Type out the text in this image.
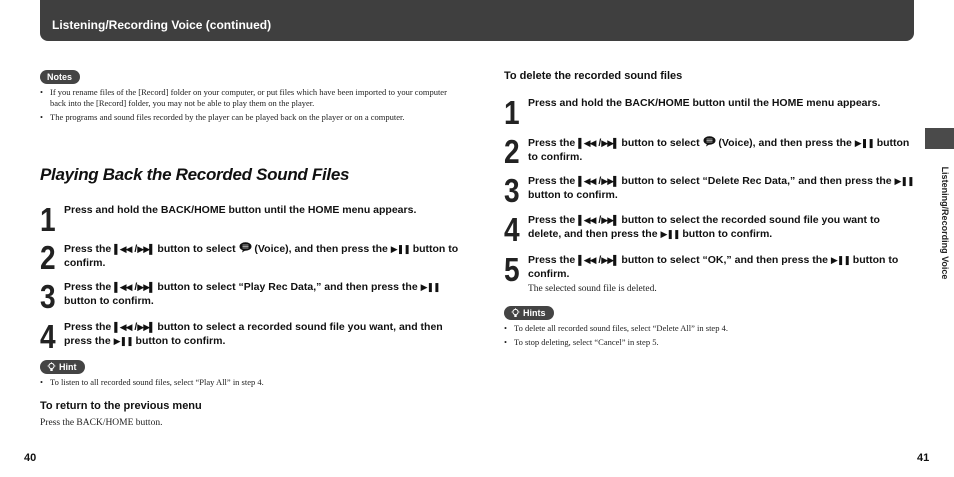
Listening/Recording Voice (continued)
Listening/Recording Voice
Notes
• If you rename files of the [Record] folder on your computer, or put files which have been imported to your computer back into the [Record] folder, you may not be able to play them on the player.
• The programs and sound files recorded by the player can be played back on the player or on a computer.
Playing Back the Recorded Sound Files
1 Press and hold the BACK/HOME button until the HOME menu appears.
2 Press the ▌◀◀ /▶▶▌ button to select  (Voice), and then press the ▶❚❚ button to confirm.
3 Press the ▌◀◀ /▶▶▌ button to select “Play Rec Data,” and then press the ▶❚❚ button to confirm.
4 Press the ▌◀◀ /▶▶▌ button to select a recorded sound file you want, and then press the ▶❚❚ button to confirm.
Hint
• To listen to all recorded sound files, select “Play All” in step 4.
To return to the previous menu
Press the BACK/HOME button.
40
To delete the recorded sound files
1 Press and hold the BACK/HOME button until the HOME menu appears.
2 Press the ▌◀◀ /▶▶▌ button to select  (Voice), and then press the ▶❚❚ button to confirm.
3 Press the ▌◀◀ /▶▶▌ button to select “Delete Rec Data,” and then press the ▶❚❚ button to confirm.
4 Press the ▌◀◀ /▶▶▌ button to select the recorded sound file you want to delete, and then press the ▶❚❚ button to confirm.
5 Press the ▌◀◀ /▶▶▌ button to select “OK,” and then press the ▶❚❚ button to confirm.
The selected sound file is deleted.
Hints
• To delete all recorded sound files, select “Delete All” in step 4.
• To stop deleting, select “Cancel” in step 5.
41
